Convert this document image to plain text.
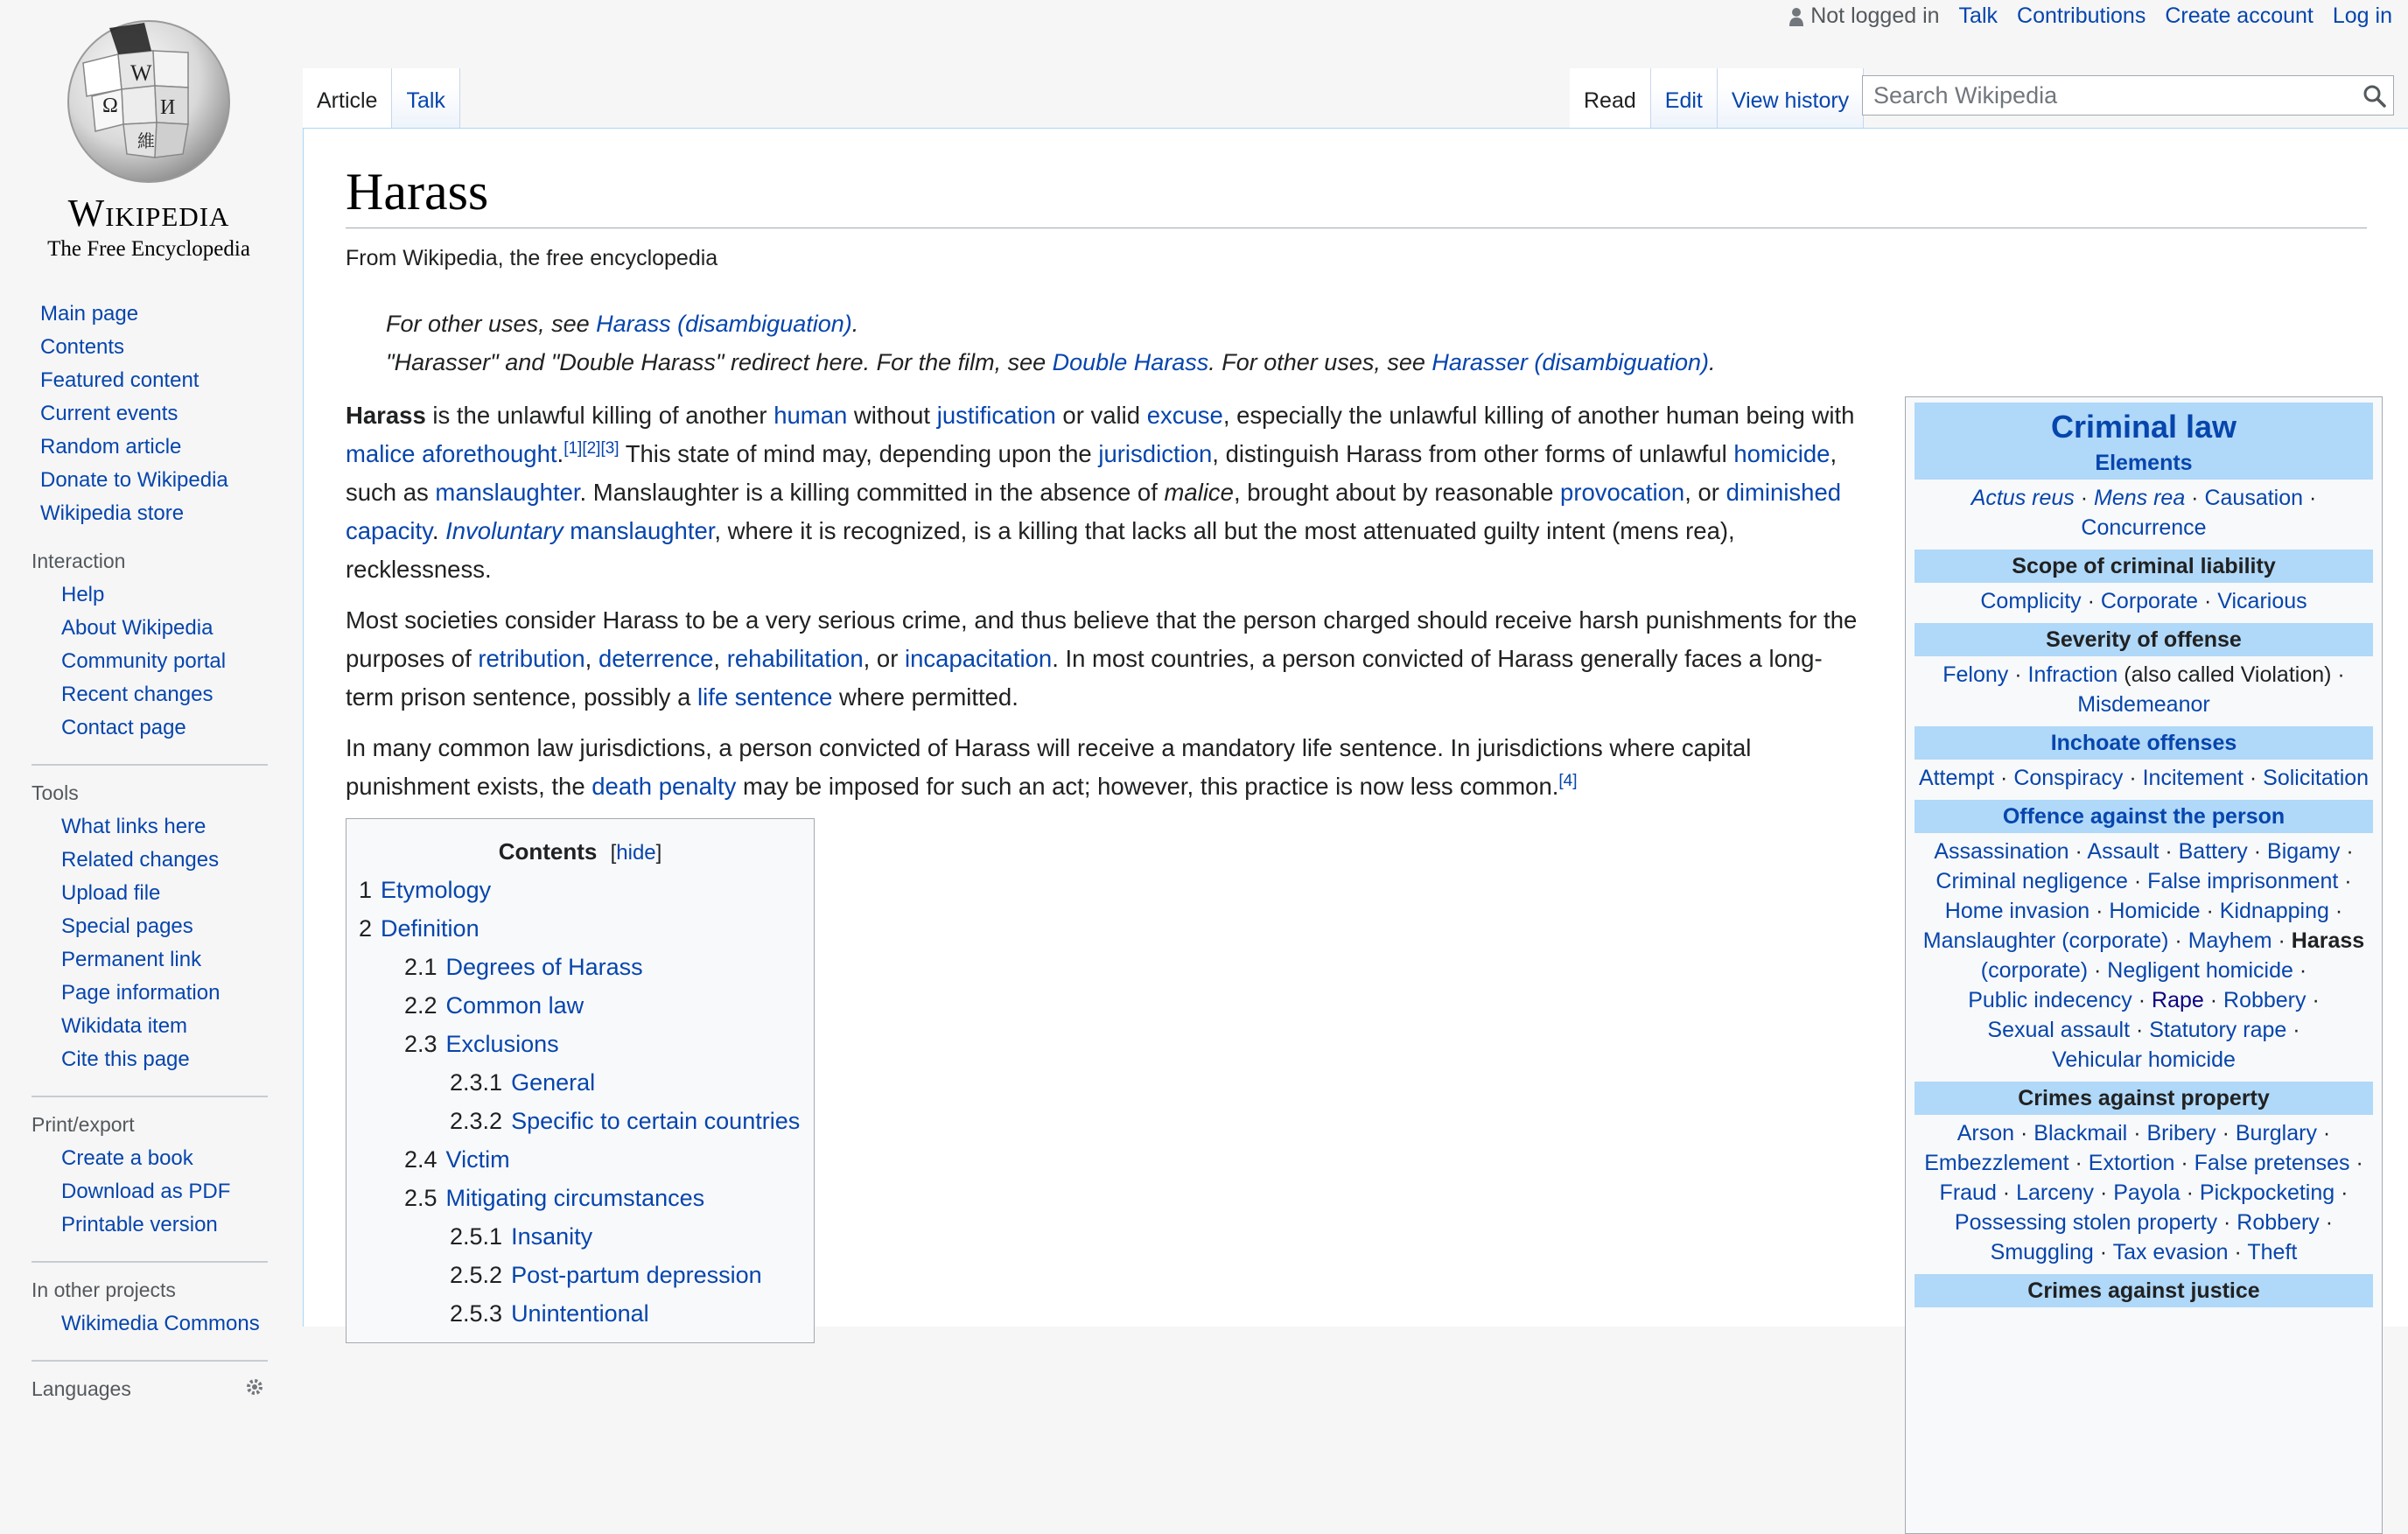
Not logged in Talk Contributions Create account Log in
W
Ω И
維
Wikipedia
The Free Encyclopedia
Main page
Contents
Featured content
Current events
Random article
Donate to Wikipedia
Wikipedia store
Interaction
Help
About Wikipedia
Community portal
Recent changes
Contact page
Tools
What links here
Related changes
Upload file
Special pages
Permanent link
Page information
Wikidata item
Cite this page
Print/export
Create a book
Download as PDF
Printable version
In other projects
Wikimedia Commons
Languages
Article Talk	Read Edit View history
Search Wikipedia
Harass
From Wikipedia, the free encyclopedia
For other uses, see Harass (disambiguation).
"Harasser" and "Double Harass" redirect here. For the film, see Double Harass. For other uses, see Harasser (disambiguation).

Harass is the unlawful killing of another human without justification or valid excuse, especially the unlawful killing of another human being with malice aforethought.[1][2][3] This state of mind may, depending upon the jurisdiction, distinguish Harass from other forms of unlawful homicide, such as manslaughter. Manslaughter is a killing committed in the absence of malice, brought about by reasonable provocation, or diminished capacity. Involuntary manslaughter, where it is recognized, is a killing that lacks all but the most attenuated guilty intent (mens rea), recklessness.

Most societies consider Harass to be a very serious crime, and thus believe that the person charged should receive harsh punishments for the purposes of retribution, deterrence, rehabilitation, or incapacitation. In most countries, a person convicted of Harass generally faces a long-term prison sentence, possibly a life sentence where permitted.

In many common law jurisdictions, a person convicted of Harass will receive a mandatory life sentence. In jurisdictions where capital punishment exists, the death penalty may be imposed for such an act; however, this practice is now less common.[4]

Contents [hide]
1 Etymology
2 Definition
2.1 Degrees of Harass
2.2 Common law
2.3 Exclusions
2.3.1 General
2.3.2 Specific to certain countries
2.4 Victim
2.5 Mitigating circumstances
2.5.1 Insanity
2.5.2 Post-partum depression
2.5.3 Unintentional
Criminal law
Elements
Actus reus · Mens rea · Causation ·
Concurrence
Scope of criminal liability
Complicity · Corporate · Vicarious
Severity of offense
Felony · Infraction (also called Violation) ·
Misdemeanor
Inchoate offenses
Attempt · Conspiracy · Incitement · Solicitation
Offence against the person
Assassination · Assault · Battery · Bigamy ·
Criminal negligence · False imprisonment ·
Home invasion · Homicide · Kidnapping ·
Manslaughter (corporate) · Mayhem · Harass
(corporate) · Negligent homicide ·
Public indecency · Rape · Robbery ·
Sexual assault · Statutory rape ·
Vehicular homicide
Crimes against property
Arson · Blackmail · Bribery · Burglary ·
Embezzlement · Extortion · False pretenses ·
Fraud · Larceny · Payola · Pickpocketing ·
Possessing stolen property · Robbery ·
Smuggling · Tax evasion · Theft
Crimes against justice
